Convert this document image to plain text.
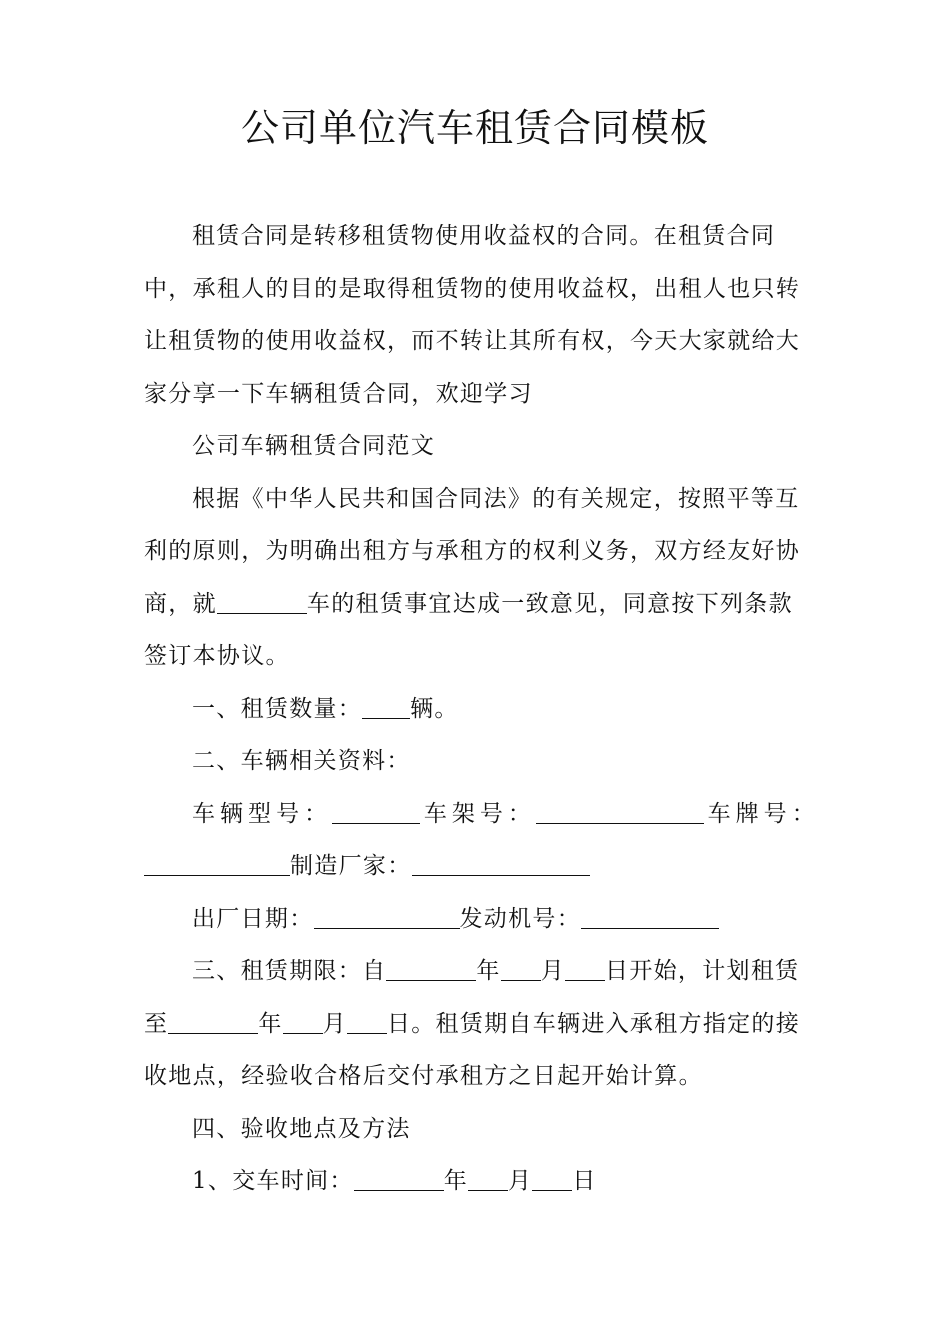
公司单位汽车租赁合同模板

租赁合同是转移租赁物使用收益权的合同。在租赁合同中，承租人的目的是取得租赁物的使用收益权，出租人也只转让租赁物的使用收益权，而不转让其所有权，今天大家就给大家分享一下车辆租赁合同，欢迎学习

公司车辆租赁合同范文

根据《中华人民共和国合同法》的有关规定，按照平等互利的原则，为明确出租方与承租方的权利义务，双方经友好协商，就	车的租赁事宜达成一致意见，同意按下列条款签订本协议。

一、租赁数量： 辆。

二、车辆相关资料：

车辆型号：	车架号：	车牌号：

制造厂家：

出厂日期：	发动机号：

三、租赁期限：自	年 月 日开始，计划租赁至	年 月 日。租赁期自车辆进入承租方指定的接收地点，经验收合格后交付承租方之日起开始计算。

四、验收地点及方法

1、交车时间：	年 月 日
